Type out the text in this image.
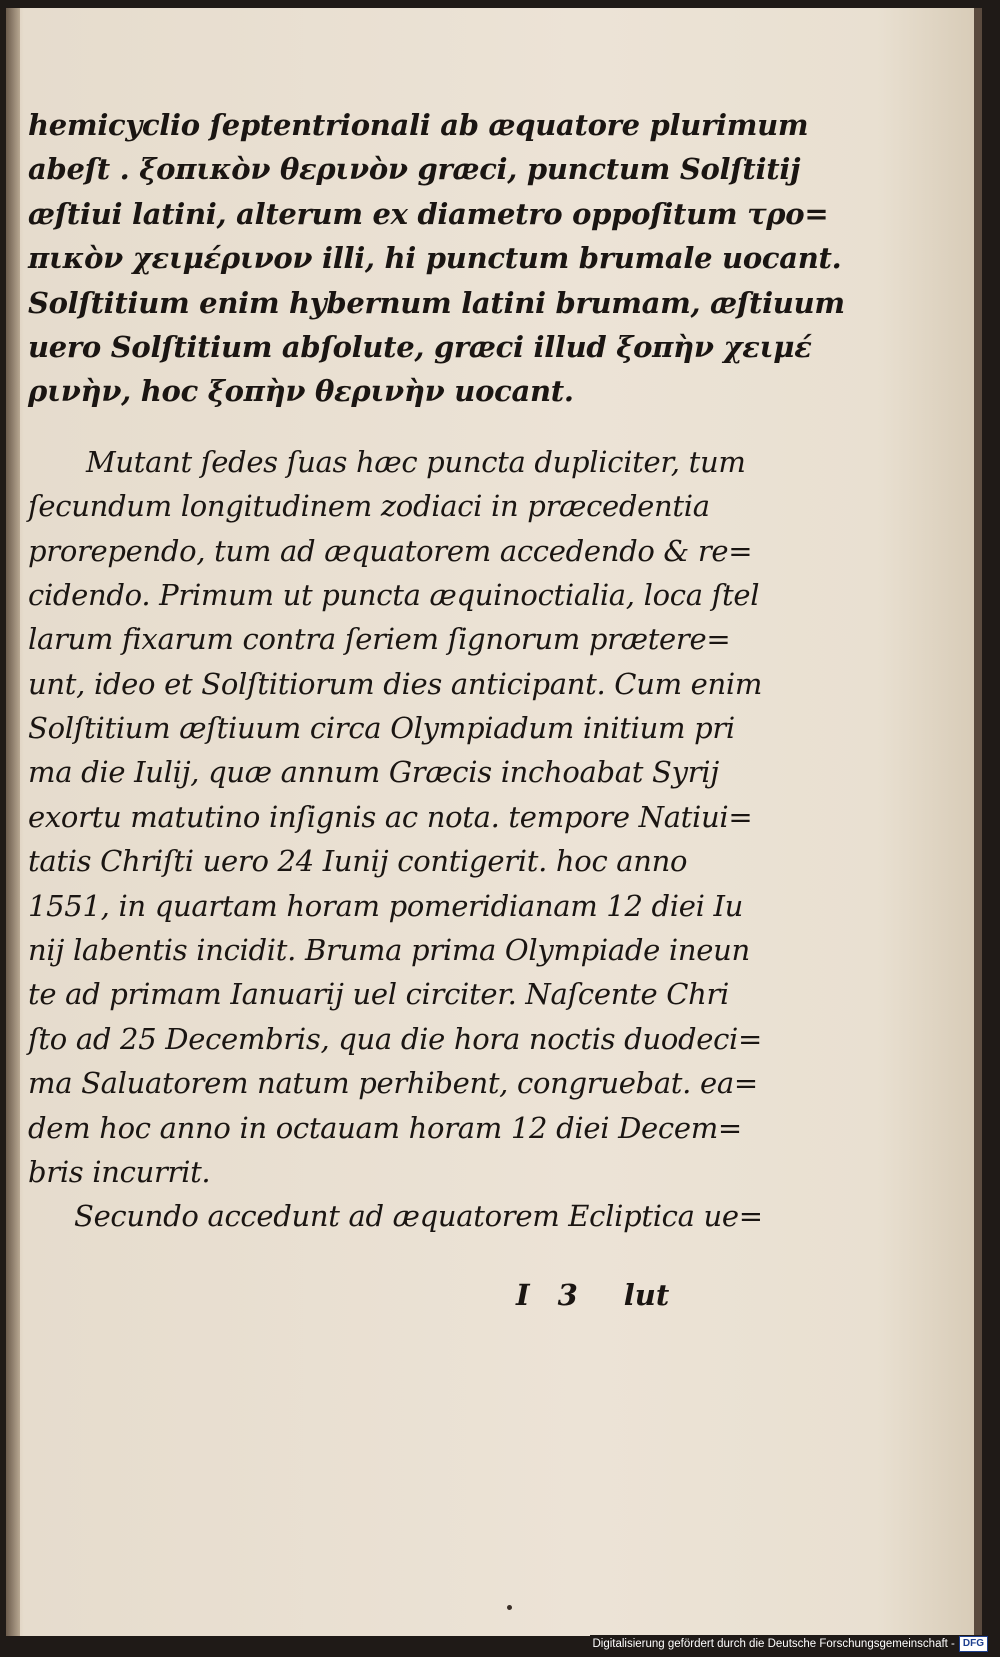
hemicyclio ſeptentrionali ab æquatore plurimum
abeſt . ξοπικὸν θερινὸν græci, punctum Solſtitij
æſtiui latini, alterum ex diametro oppoſitum τρο=
πικὸν χειμέρινον illi, hi punctum brumale uocant.
Solſtitium enim hybernum latini brumam, æſtiuum
uero Solſtitium abſolute, græci illud ξοπὴν χειμέ
ρινὴν, hoc ξοπὴν θερινὴν uocant.
Mutant ſedes ſuas hæc puncta dupliciter, tum
ſecundum longitudinem zodiaci in præcedentia
prorependo, tum ad æquatorem accedendo & re=
cidendo. Primum ut puncta æquinoctialia, loca ſtel
larum fixarum contra ſeriem ſignorum prætere=
unt, ideo et Solſtitiorum dies anticipant. Cum enim
Solſtitium æſtiuum circa Olympiadum initium pri
ma die Iulij, quæ annum Græcis inchoabat Syrij
exortu matutino inſignis ac nota. tempore Natiui=
tatis Chriſti uero 24 Iunij contigerit. hoc anno
1551, in quartam horam pomeridianam 12 diei Iu
nij labentis incidit. Bruma prima Olympiade ineun
te ad primam Ianuarij uel circiter. Naſcente Chri
ſto ad 25 Decembris, qua die hora noctis duodeci=
ma Saluatorem natum perhibent, congruebat. ea=
dem hoc anno in octauam horam 12 diei Decem=
bris incurrit.
Secundo accedunt ad æquatorem Ecliptica ue=
I 3 lut
Digitalisierung gefördert durch die Deutsche Forschungsgemeinschaft - DFG
